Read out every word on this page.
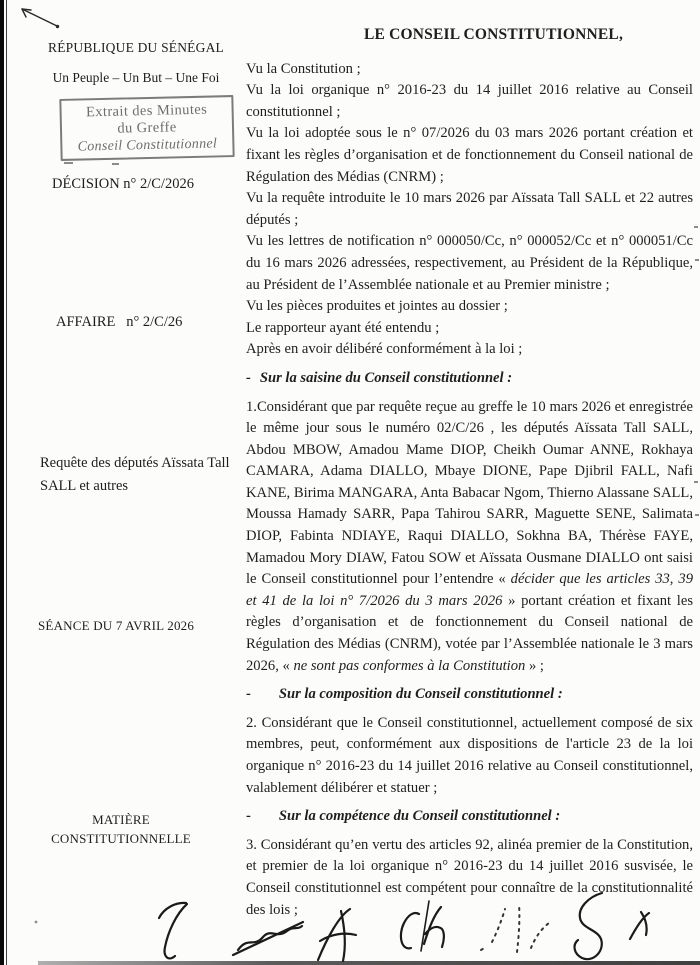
RÉPUBLIQUE DU SÉNÉGAL
Un Peuple – Un But – Une Foi
Extrait des Minutes
du Greffe
Conseil Constitutionnel
DÉCISION n° 2/C/2026
AFFAIRE   n° 2/C/26
Requête des députés Aïssata Tall SALL et autres
SÉANCE DU 7 AVRIL 2026
MATIÈRE
CONSTITUTIONNELLE
LE CONSEIL CONSTITUTIONNEL,

Vu la Constitution ;

Vu la loi organique n° 2016-23 du 14 juillet 2016 relative au Conseil constitutionnel ;

Vu la loi adoptée sous le n° 07/2026 du 03 mars 2026 portant création et fixant les règles d’organisation et de fonctionnement du Conseil national de Régulation des Médias (CNRM) ;

Vu la requête introduite le 10 mars 2026 par Aïssata Tall SALL et 22 autres députés ;

Vu les lettres de notification n° 000050/Cc, n° 000052/Cc et n° 000051/Cc du 16 mars 2026 adressées, respectivement, au Président de la République, au Président de l’Assemblée nationale et au Premier ministre ;

Vu les pièces produites et jointes au dossier ;

Le rapporteur ayant été entendu ;

Après en avoir délibéré conformément à la loi ;

- Sur la saisine du Conseil constitutionnel :

1.Considérant que par requête reçue au greffe le 10 mars 2026 et enregistrée le même jour sous le numéro 02/C/26 , les députés Aïssata Tall SALL, Abdou MBOW, Amadou Mame DIOP, Cheikh Oumar ANNE, Rokhaya CAMARA, Adama DIALLO, Mbaye DIONE, Pape Djibril FALL, Nafi KANE, Birima MANGARA, Anta Babacar Ngom, Thierno Alassane SALL, Moussa Hamady SARR, Papa Tahirou SARR, Maguette SENE, Salimata DIOP, Fabinta NDIAYE, Raqui DIALLO, Sokhna BA, Thérèse FAYE, Mamadou Mory DIAW, Fatou SOW et Aïssata Ousmane DIALLO ont saisi le Conseil constitutionnel pour l’entendre « décider que les articles 33, 39 et 41 de la loi n° 7/2026 du 3 mars 2026 » portant création et fixant les règles d’organisation et de fonctionnement du Conseil national de Régulation des Médias (CNRM), votée par l’Assemblée nationale le 3 mars 2026, « ne sont pas conformes à la Constitution » ;

- Sur la composition du Conseil constitutionnel :

2. Considérant que le Conseil constitutionnel, actuellement composé de six membres, peut, conformément aux dispositions de l'article 23 de la loi organique n° 2016-23 du 14 juillet 2016 relative au Conseil constitutionnel, valablement délibérer et statuer ;

- Sur la compétence du Conseil constitutionnel :

3. Considérant qu’en vertu des articles 92, alinéa premier de la Constitution, et premier de la loi organique n° 2016-23 du 14 juillet 2016 susvisée, le Conseil constitutionnel est compétent pour connaître de la constitutionnalité des lois ;
